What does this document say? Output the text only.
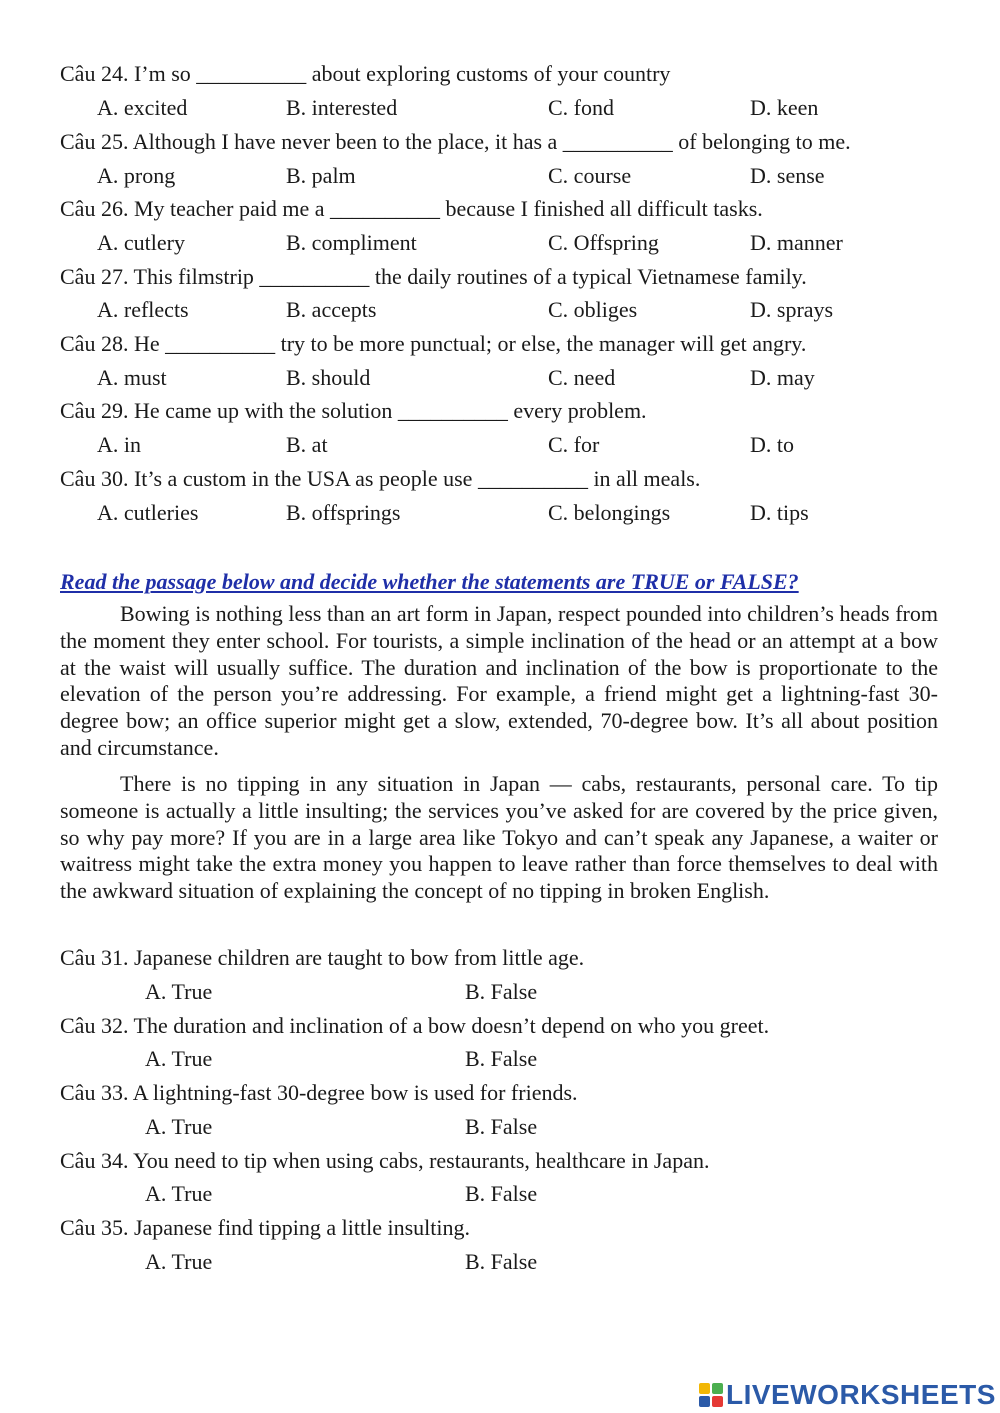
Câu 24. I’m so __________ about exploring customs of your country
A. excited	B. interested	C. fond	D. keen
Câu 25. Although I have never been to the place, it has a __________ of belonging to me.
A. prong	B. palm	C. course	D. sense
Câu 26. My teacher paid me a __________ because I finished all difficult tasks.
A. cutlery	B. compliment	C. Offspring	D. manner
Câu 27. This filmstrip __________ the daily routines of a typical Vietnamese family.
A. reflects	B. accepts	C. obliges	D. sprays
Câu 28. He __________ try to be more punctual; or else, the manager will get angry.
A. must	B. should	C. need	D. may
Câu 29. He came up with the solution __________ every problem.
A. in	B. at	C. for	D. to
Câu 30. It’s a custom in the USA as people use __________ in all meals.
A. cutleries	B. offsprings	C. belongings	D. tips
Read the passage below and decide whether the statements are TRUE or FALSE?

Bowing is nothing less than an art form in Japan, respect pounded into children’s heads from the moment they enter school. For tourists, a simple inclination of the head or an attempt at a bow at the waist will usually suffice. The duration and inclination of the bow is proportionate to the elevation of the person you’re addressing. For example, a friend might get a lightning-fast 30-degree bow; an office superior might get a slow, extended, 70-degree bow. It’s all about position and circumstance.

There is no tipping in any situation in Japan — cabs, restaurants, personal care. To tip someone is actually a little insulting; the services you’ve asked for are covered by the price given, so why pay more? If you are in a large area like Tokyo and can’t speak any Japanese, a waiter or waitress might take the extra money you happen to leave rather than force themselves to deal with the awkward situation of explaining the concept of no tipping in broken English.

Câu 31. Japanese children are taught to bow from little age.
A. True	B. False
Câu 32. The duration and inclination of a bow doesn’t depend on who you greet.
A. True	B. False
Câu 33. A lightning-fast 30-degree bow is used for friends.
A. True	B. False
Câu 34. You need to tip when using cabs, restaurants, healthcare in Japan.
A. True	B. False
Câu 35. Japanese find tipping a little insulting.
A. True	B. False
LIVEWORKSHEETS
